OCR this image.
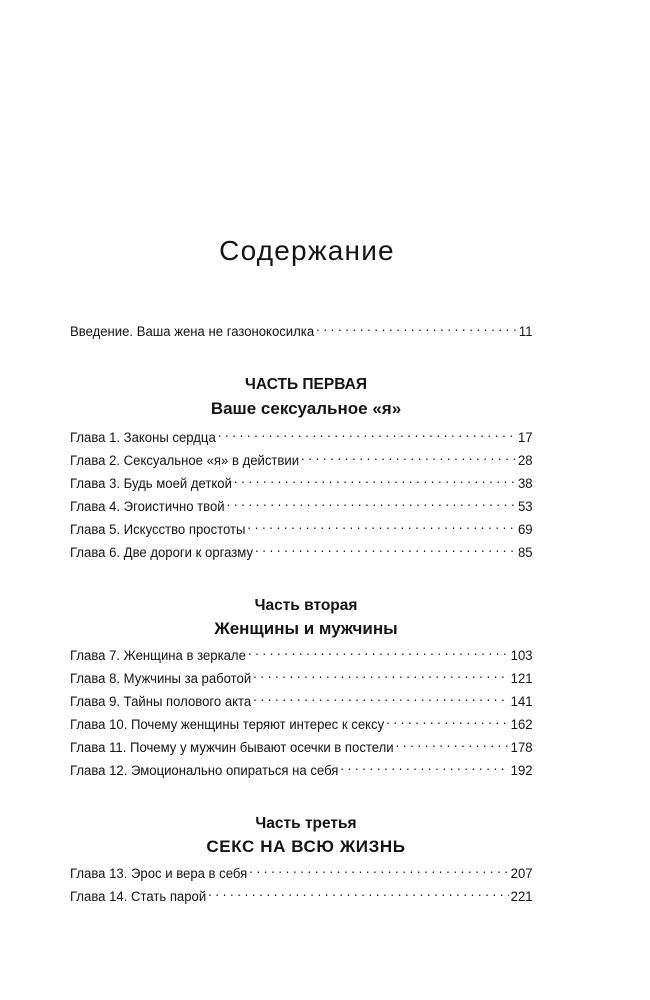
Содержание
Введение. Ваша жена не газонокосилка . . .	11
ЧАСТЬ ПЕРВАЯ
Ваше сексуальное «я»
Глава 1. Законы сердца . . .	17
Глава 2. Сексуальное «я» в действии . . .	28
Глава 3. Будь моей деткой . . .	38
Глава 4. Эгоистично твой . . .	53
Глава 5. Искусство простоты . . .	69
Глава 6. Две дороги к оргазму . . .	85
Часть вторая
Женщины и мужчины
Глава 7. Женщина в зеркале . . .	103
Глава 8. Мужчины за работой . . .	121
Глава 9. Тайны полового акта . . .	141
Глава 10. Почему женщины теряют интерес к сексу . . .	162
Глава 11. Почему у мужчин бывают осечки в постели . . .	178
Глава 12. Эмоционально опираться на себя . . .	192
Часть третья
СЕКС НА ВСЮ ЖИЗНЬ
Глава 13. Эрос и вера в себя . . .	207
Глава 14. Стать парой . . .	221
